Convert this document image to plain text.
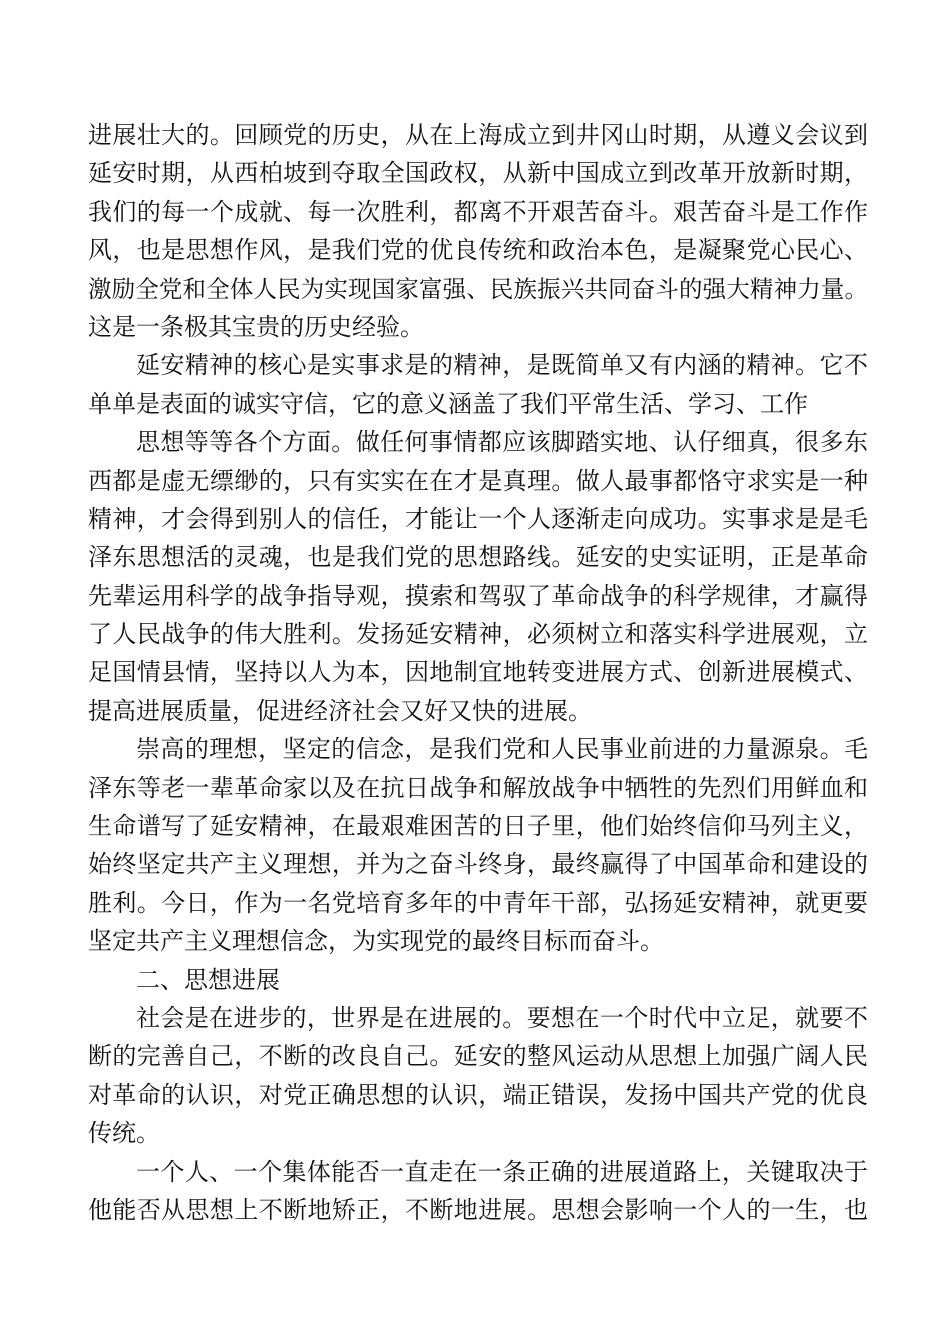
进展壮大的。回顾党的历史，从在上海成立到井冈山时期，从遵义会议到
延安时期，从西柏坡到夺取全国政权，从新中国成立到改革开放新时期，
我们的每一个成就、每一次胜利，都离不开艰苦奋斗。艰苦奋斗是工作作
风，也是思想作风，是我们党的优良传统和政治本色，是凝聚党心民心、
激励全党和全体人民为实现国家富强、民族振兴共同奋斗的强大精神力量。
这是一条极其宝贵的历史经验。
延安精神的核心是实事求是的精神，是既简单又有内涵的精神。它不
单单是表面的诚实守信，它的意义涵盖了我们平常生活、学习、工作
思想等等各个方面。做任何事情都应该脚踏实地、认仔细真，很多东
西都是虚无缥缈的，只有实实在在才是真理。做人最事都恪守求实是一种
精神，才会得到别人的信任，才能让一个人逐渐走向成功。实事求是是毛
泽东思想活的灵魂，也是我们党的思想路线。延安的史实证明，正是革命
先辈运用科学的战争指导观，摸索和驾驭了革命战争的科学规律，才赢得
了人民战争的伟大胜利。发扬延安精神，必须树立和落实科学进展观，立
足国情县情，坚持以人为本，因地制宜地转变进展方式、创新进展模式、
提高进展质量，促进经济社会又好又快的进展。
崇高的理想，坚定的信念，是我们党和人民事业前进的力量源泉。毛
泽东等老一辈革命家以及在抗日战争和解放战争中牺牲的先烈们用鲜血和
生命谱写了延安精神，在最艰难困苦的日子里，他们始终信仰马列主义，
始终坚定共产主义理想，并为之奋斗终身，最终赢得了中国革命和建设的
胜利。今日，作为一名党培育多年的中青年干部，弘扬延安精神，就更要
坚定共产主义理想信念，为实现党的最终目标而奋斗。
二、思想进展
社会是在进步的，世界是在进展的。要想在一个时代中立足，就要不
断的完善自己，不断的改良自己。延安的整风运动从思想上加强广阔人民
对革命的认识，对党正确思想的认识，端正错误，发扬中国共产党的优良
传统。
一个人、一个集体能否一直走在一条正确的进展道路上，关键取决于
他能否从思想上不断地矫正，不断地进展。思想会影响一个人的一生，也
